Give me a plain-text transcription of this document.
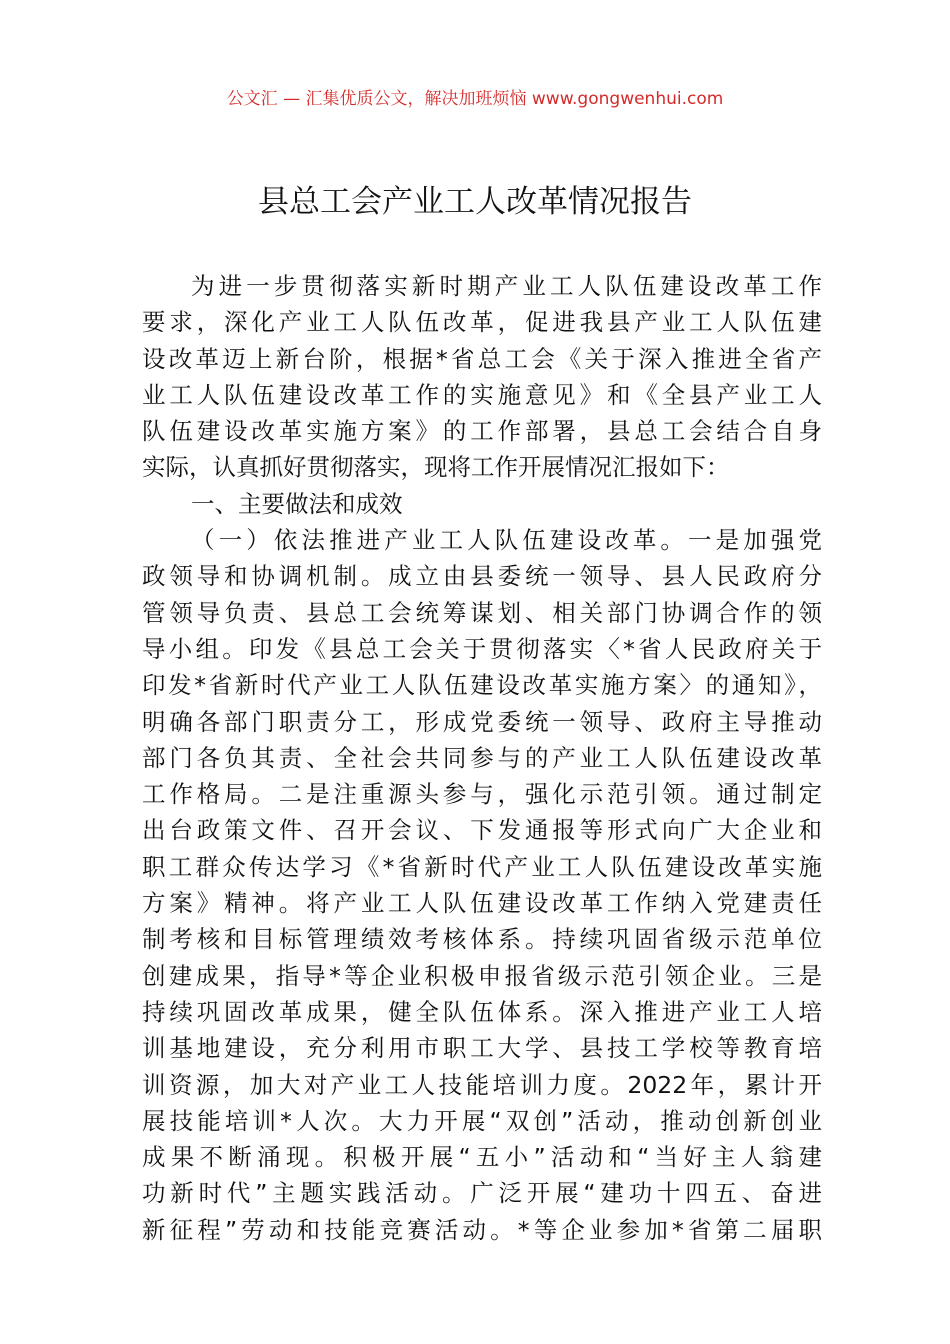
公文汇 — 汇集优质公文，解决加班烦恼 www.gongwenhui.com
县总工会产业工人改革情况报告
为进一步贯彻落实新时期产业工人队伍建设改革工作
要求，深化产业工人队伍改革，促进我县产业工人队伍建
设改革迈上新台阶，根据*省总工会《关于深入推进全省产
业工人队伍建设改革工作的实施意见》和《全县产业工人
队伍建设改革实施方案》的工作部署，县总工会结合自身
实际，认真抓好贯彻落实，现将工作开展情况汇报如下：
一、主要做法和成效
（一）依法推进产业工人队伍建设改革。一是加强党
政领导和协调机制。成立由县委统一领导、县人民政府分
管领导负责、县总工会统筹谋划、相关部门协调合作的领
导小组。印发《县总工会关于贯彻落实〈*省人民政府关于
印发*省新时代产业工人队伍建设改革实施方案〉的通知》，
明确各部门职责分工，形成党委统一领导、政府主导推动
部门各负其责、全社会共同参与的产业工人队伍建设改革
工作格局。二是注重源头参与，强化示范引领。通过制定
出台政策文件、召开会议、下发通报等形式向广大企业和
职工群众传达学习《*省新时代产业工人队伍建设改革实施
方案》精神。将产业工人队伍建设改革工作纳入党建责任
制考核和目标管理绩效考核体系。持续巩固省级示范单位
创建成果，指导*等企业积极申报省级示范引领企业。三是
持续巩固改革成果，健全队伍体系。深入推进产业工人培
训基地建设，充分利用市职工大学、县技工学校等教育培
训资源，加大对产业工人技能培训力度。2022年，累计开
展技能培训*人次。大力开展“双创”活动，推动创新创业
成果不断涌现。积极开展“五小”活动和“当好主人翁建
功新时代”主题实践活动。广泛开展“建功十四五、奋进
新征程”劳动和技能竞赛活动。*等企业参加*省第二届职
